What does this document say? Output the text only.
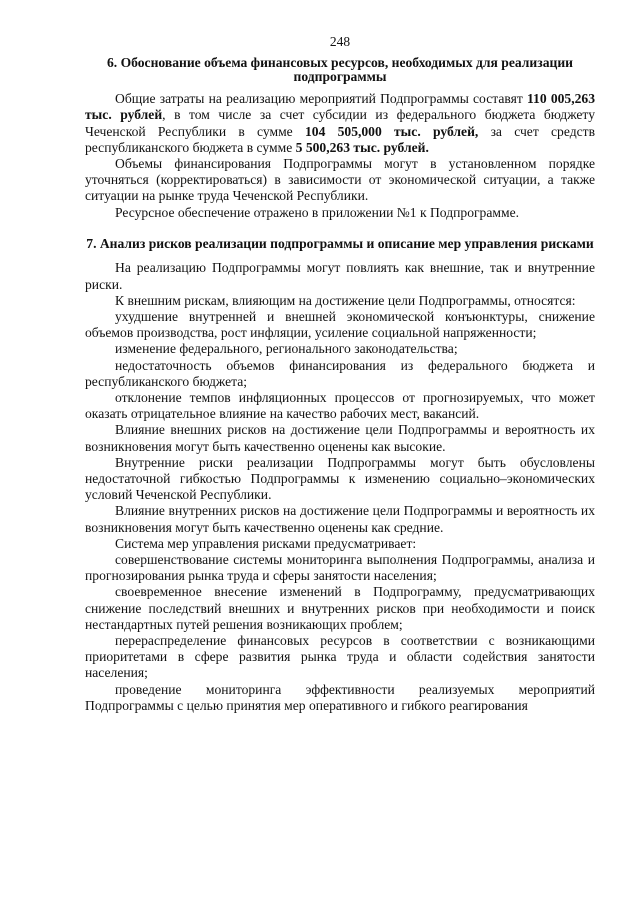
248
6. Обоснование объема финансовых ресурсов, необходимых для реализации подпрограммы

Общие затраты на реализацию мероприятий Подпрограммы составят 110 005,263 тыс. рублей, в том числе за счет субсидии из федерального бюджета бюджету Чеченской Республики в сумме 104 505,000 тыс. рублей, за счет средств республиканского бюджета в сумме 5 500,263 тыс. рублей.

Объемы финансирования Подпрограммы могут в установленном порядке уточняться (корректироваться) в зависимости от экономической ситуации, а также ситуации на рынке труда Чеченской Республики.

Ресурсное обеспечение отражено в приложении №1 к Подпрограмме.

7. Анализ рисков реализации подпрограммы и описание мер управления рисками

На реализацию Подпрограммы могут повлиять как внешние, так и внутренние риски.

К внешним рискам, влияющим на достижение цели Подпрограммы, относятся:

ухудшение внутренней и внешней экономической конъюнктуры, снижение объемов производства, рост инфляции, усиление социальной напряженности;

изменение федерального, регионального законодательства;

недостаточность объемов финансирования из федерального бюджета и республиканского бюджета;

отклонение темпов инфляционных процессов от прогнозируемых, что может оказать отрицательное влияние на качество рабочих мест, вакансий.

Влияние внешних рисков на достижение цели Подпрограммы и вероятность их возникновения могут быть качественно оценены как высокие.

Внутренние риски реализации Подпрограммы могут быть обусловлены недостаточной гибкостью Подпрограммы к изменению социально–экономических условий Чеченской Республики.

Влияние внутренних рисков на достижение цели Подпрограммы и вероятность их возникновения могут быть качественно оценены как средние.

Система мер управления рисками предусматривает:

совершенствование системы мониторинга выполнения Подпрограммы, анализа и прогнозирования рынка труда и сферы занятости населения;

своевременное внесение изменений в Подпрограмму, предусматривающих снижение последствий внешних и внутренних рисков при необходимости и поиск нестандартных путей решения возникающих проблем;

перераспределение финансовых ресурсов в соответствии с возникающими приоритетами в сфере развития рынка труда и области содействия занятости населения;

проведение мониторинга эффективности реализуемых мероприятий Подпрограммы с целью принятия мер оперативного и гибкого реагирования
